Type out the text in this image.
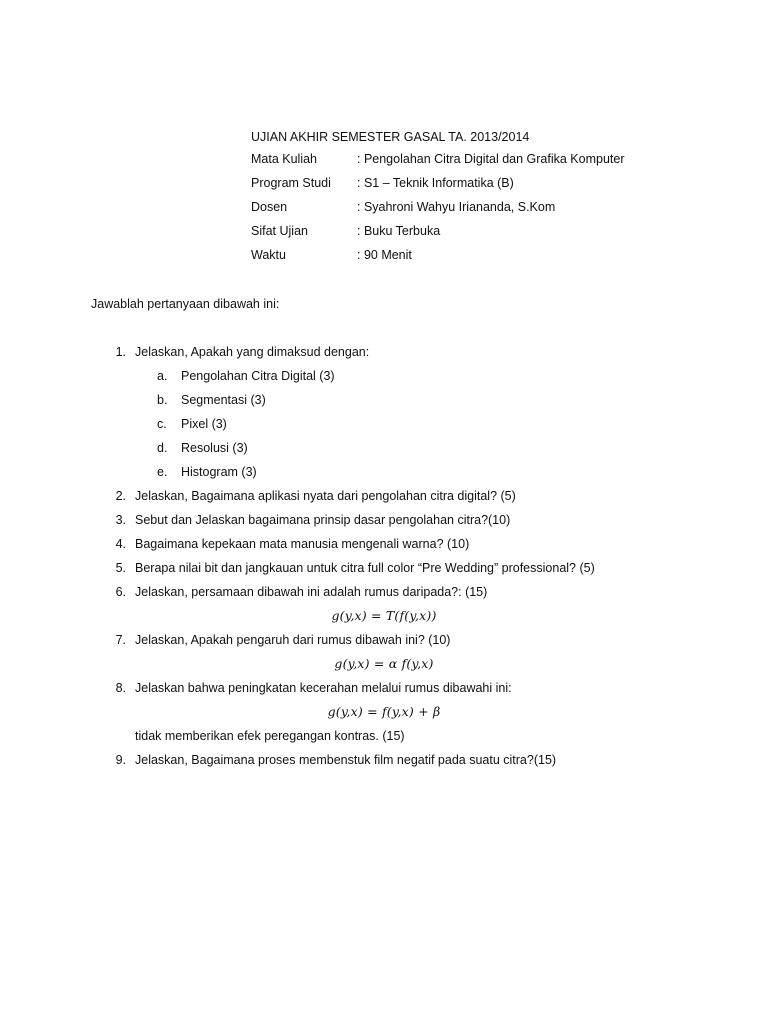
UJIAN AKHIR SEMESTER GASAL TA. 2013/2014
Mata Kuliah	: Pengolahan Citra Digital dan Grafika Komputer
Program Studi	: S1 – Teknik Informatika (B)
Dosen	: Syahroni Wahyu Iriananda, S.Kom
Sifat Ujian	: Buku Terbuka
Waktu	: 90 Menit
Jawablah pertanyaan dibawah ini:
1. Jelaskan, Apakah yang dimaksud dengan:
a. Pengolahan Citra Digital (3)
b. Segmentasi (3)
c. Pixel (3)
d. Resolusi (3)
e. Histogram (3)
2. Jelaskan, Bagaimana aplikasi nyata dari pengolahan citra digital? (5)
3. Sebut dan Jelaskan bagaimana prinsip dasar pengolahan citra?(10)
4. Bagaimana kepekaan mata manusia mengenali warna? (10)
5. Berapa nilai bit dan jangkauan untuk citra full color “Pre Wedding” professional? (5)
6. Jelaskan, persamaan dibawah ini adalah rumus daripada?: (15)
g(y,x) = T(f(y,x))
7. Jelaskan, Apakah pengaruh dari rumus dibawah ini? (10)
g(y,x) = α f(y,x)
8. Jelaskan bahwa peningkatan kecerahan melalui rumus dibawahi ini:
g(y,x) = f(y,x) + β
tidak memberikan efek peregangan kontras. (15)
9. Jelaskan, Bagaimana proses membenstuk film negatif pada suatu citra?(15)
